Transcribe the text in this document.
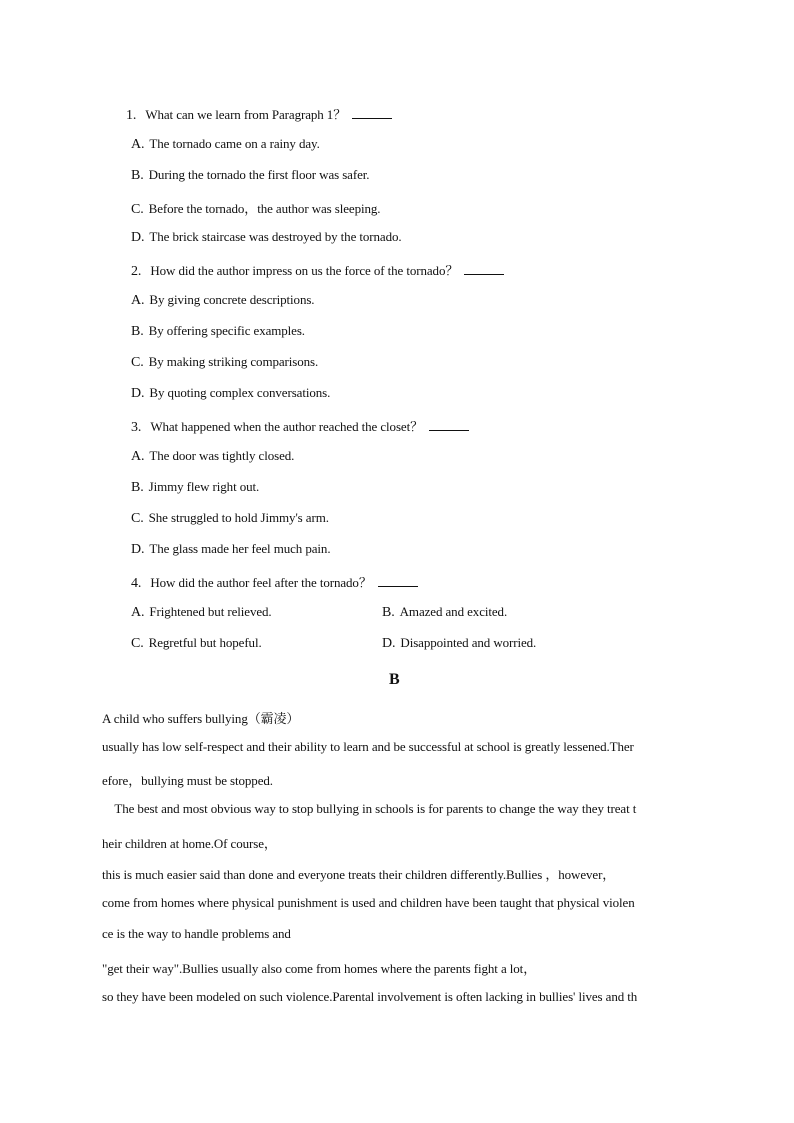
1. What can we learn from Paragraph 1？
A. The tornado came on a rainy day.
B. During the tornado the first floor was safer.
C. Before the tornado，the author was sleeping.
D. The brick staircase was destroyed by the tornado.
2. How did the author impress on us the force of the tornado？
A. By giving concrete descriptions.
B. By offering specific examples.
C. By making striking comparisons.
D. By quoting complex conversations.
3. What happened when the author reached the closet？
A. The door was tightly closed.
B. Jimmy flew right out.
C. She struggled to hold Jimmy's arm.
D. The glass made her feel much pain.
4. How did the author feel after the tornado？
A. Frightened but relieved.	B. Amazed and excited.
C. Regretful but hopeful.	D. Disappointed and worried.
B
A child who suffers bullying（霸凌）
usually has low self-respect and their ability to learn and be successful at school is greatly lessened.Ther
efore，bullying must be stopped.
The best and most obvious way to stop bullying in schools is for parents to change the way they treat t
heir children at home.Of course，
this is much easier said than done and everyone treats their children differently.Bullies ，however，
come from homes where physical punishment is used and children have been taught that physical violen
ce is the way to handle problems and
"get their way".Bullies usually also come from homes where the parents fight a lot，
so they have been modeled on such violence.Parental involvement is often lacking in bullies' lives and th
